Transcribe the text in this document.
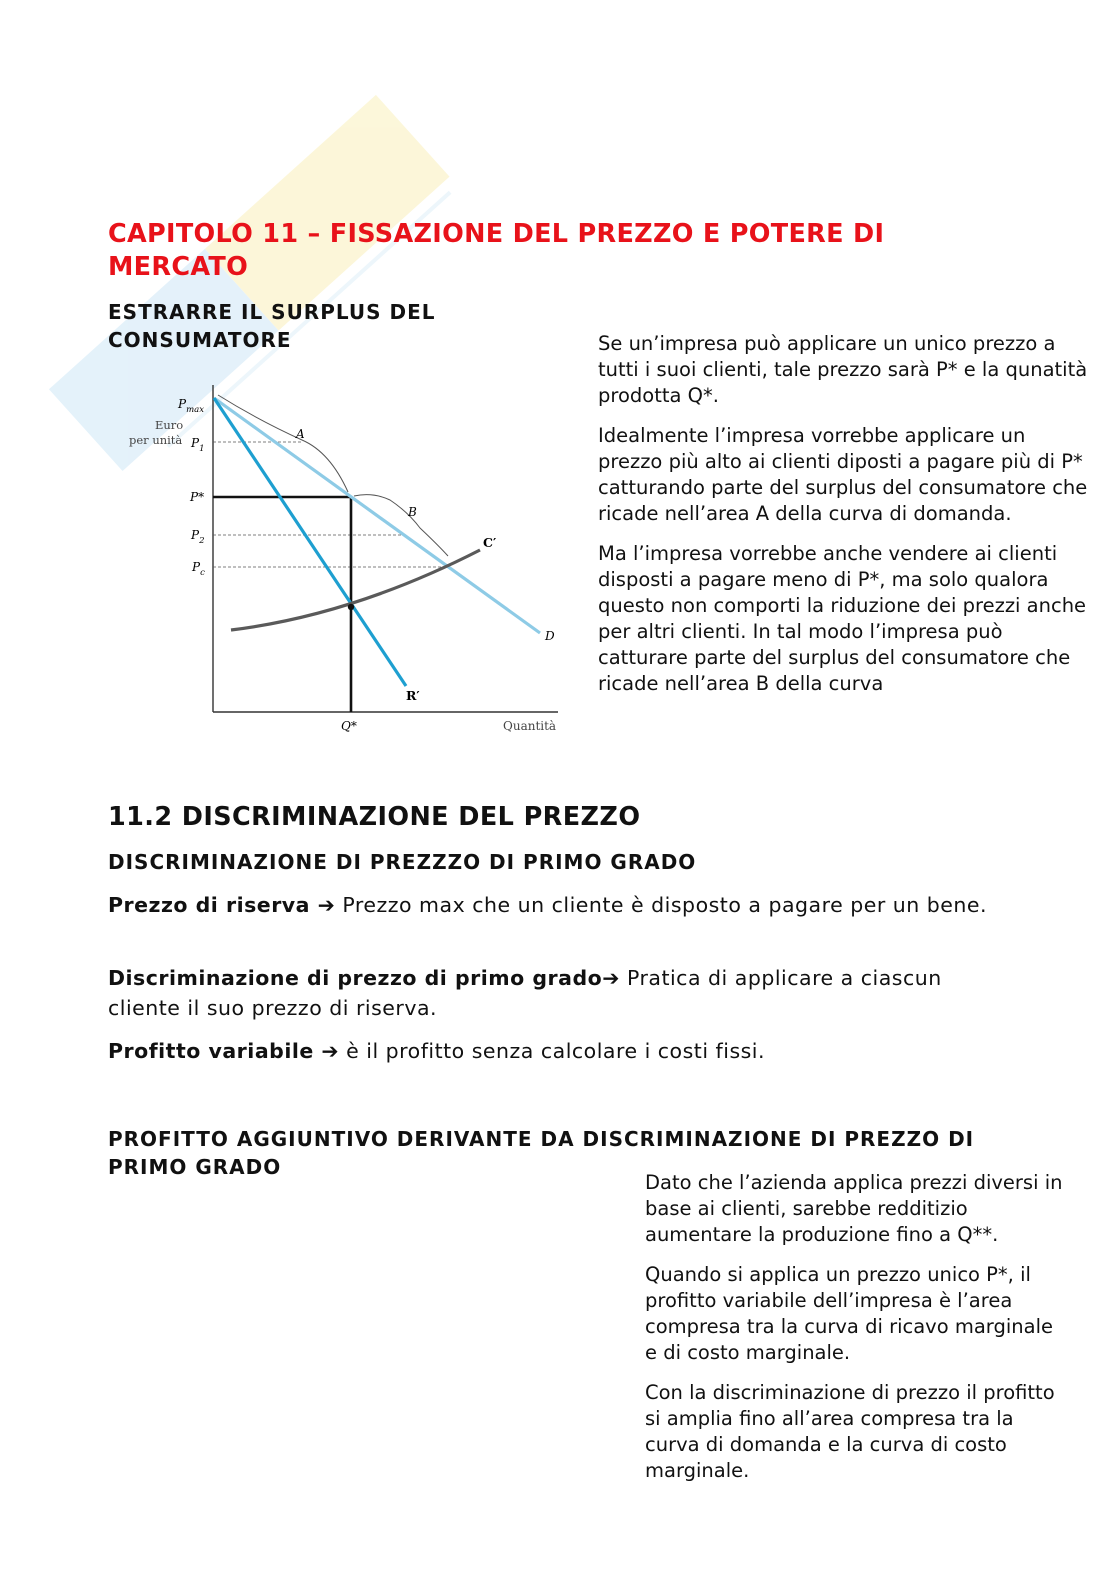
CAPITOLO 11 – FISSAZIONE DEL PREZZO E POTERE DI MERCATO
ESTRARRE IL SURPLUS DEL CONSUMATORE
$P_{max}$
Euro
per unità $P_1$
P*
$P_2$
$P_c$
A
B
C′
D
R′
Q*	Quantità

Se un’impresa può applicare un unico prezzo a tutti i suoi clienti, tale prezzo sarà P* e la qunatità prodotta Q*.

Idealmente l’impresa vorrebbe applicare un prezzo più alto ai clienti diposti a pagare più di P* catturando parte del surplus del consumatore che ricade nell’area A della curva di domanda.

Ma l’impresa vorrebbe anche vendere ai clienti disposti a pagare meno di P*, ma solo qualora questo non comporti la riduzione dei prezzi anche per altri clienti. In tal modo l’impresa può catturare parte del surplus del consumatore che ricade nell’area B della curva

11.2 DISCRIMINAZIONE DEL PREZZO
DISCRIMINAZIONE DI PREZZZO DI PRIMO GRADO

Prezzo di riserva ➔ Prezzo max che un cliente è disposto a pagare per un bene.

Discriminazione di prezzo di primo grado➔ Pratica di applicare a ciascun cliente il suo prezzo di riserva.

Profitto variabile ➔ è il profitto senza calcolare i costi fissi.

PROFITTO AGGIUNTIVO DERIVANTE DA DISCRIMINAZIONE DI PREZZO DI PRIMO GRADO

Dato che l’azienda applica prezzi diversi in base ai clienti, sarebbe redditizio aumentare la produzione fino a Q**.

Quando si applica un prezzo unico P*, il profitto variabile dell’impresa è l’area compresa tra la curva di ricavo marginale e di costo marginale.

Con la discriminazione di prezzo il profitto si amplia fino all’area compresa tra la curva di domanda e la curva di costo marginale.
